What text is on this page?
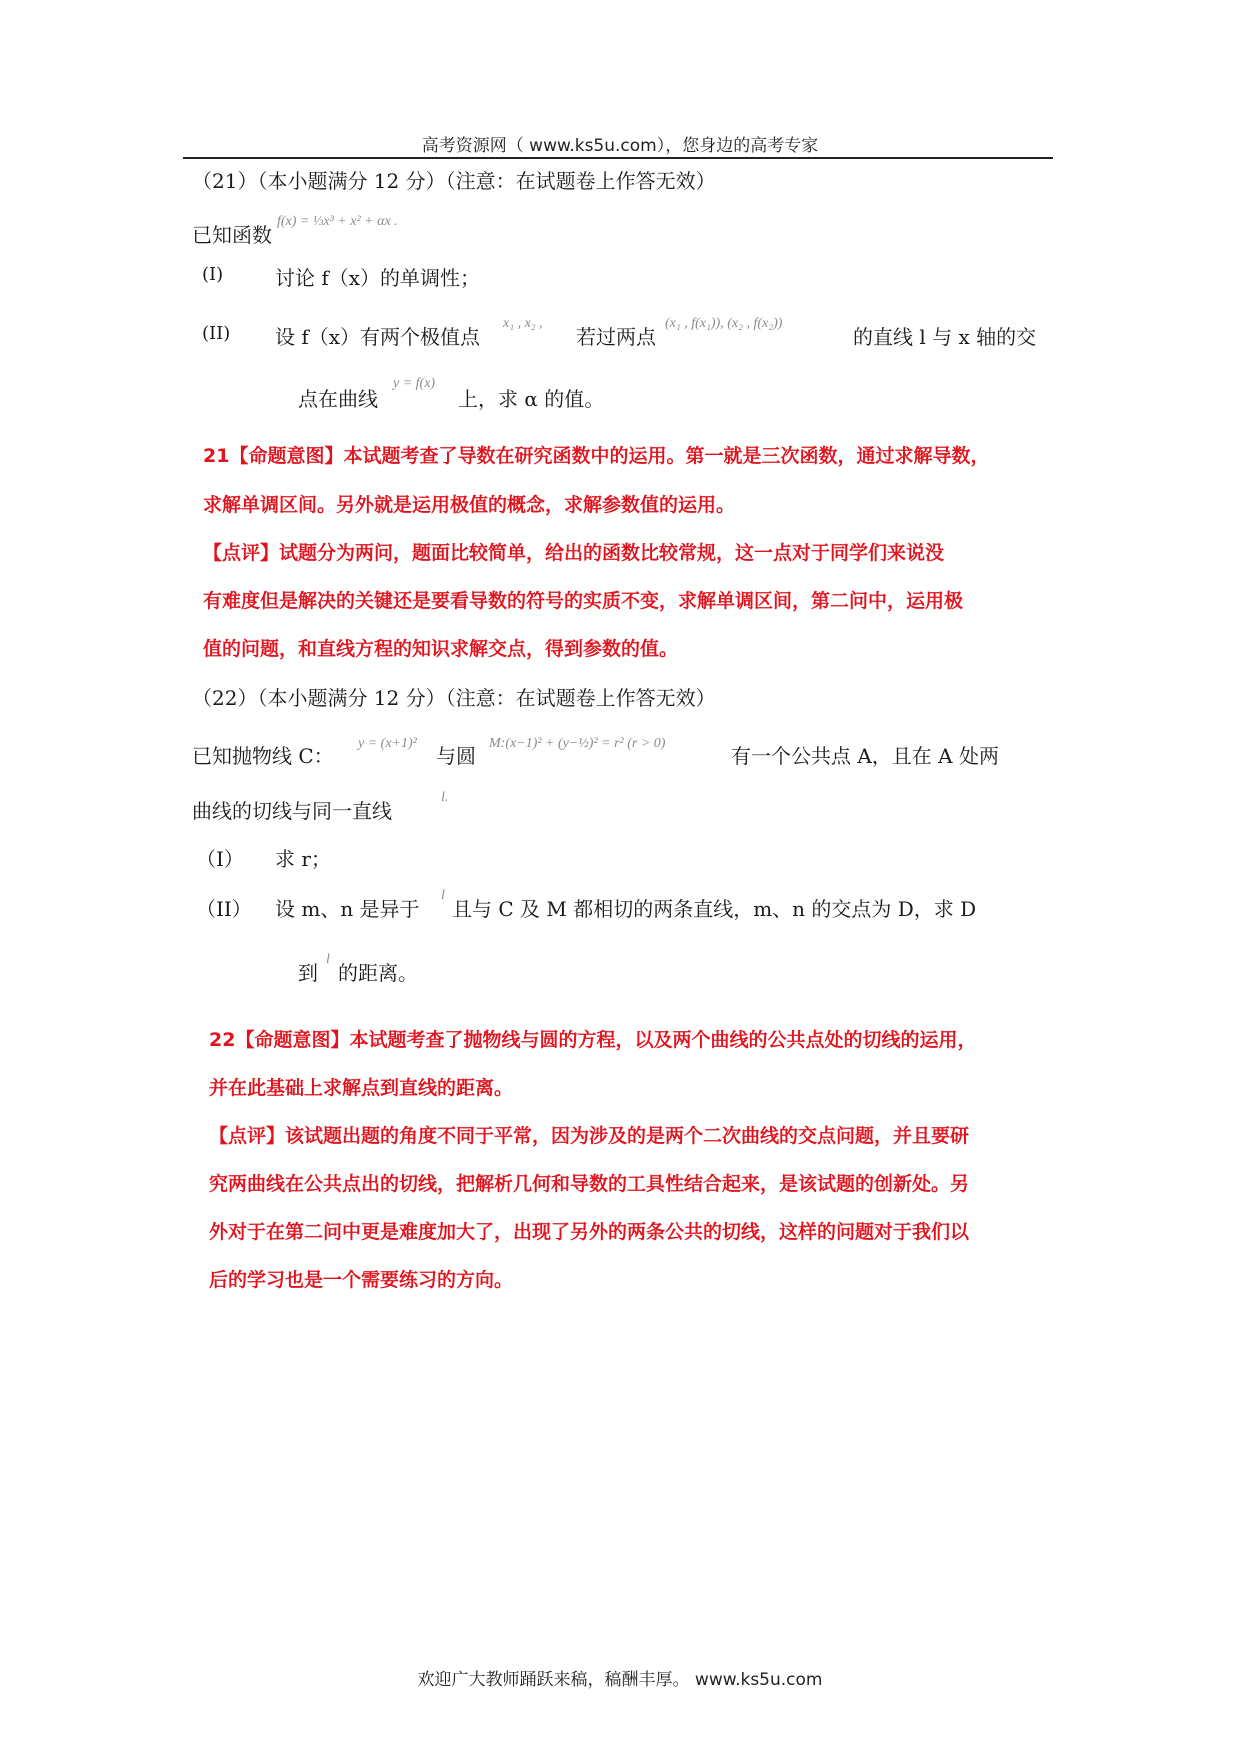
高考资源网（ www.ks5u.com），您身边的高考专家
（21）（本小题满分 12 分）（注意：在试题卷上作答无效）
已知函数
f(x) = ⅓x³ + x² + αx .
(I)	讨论 f（x）的单调性；
(II) 设 f（x）有两个极值点
x₁ , x₂ ,
若过两点
(x₁ , f(x₁)), (x₂ , f(x₂))
的直线 l 与 x 轴的交
点在曲线
y = f(x)
上，求 α 的值。
21【命题意图】本试题考查了导数在研究函数中的运用。第一就是三次函数，通过求解导数，
求解单调区间。另外就是运用极值的概念，求解参数值的运用。
【点评】试题分为两问，题面比较简单，给出的函数比较常规，这一点对于同学们来说没
有难度但是解决的关键还是要看导数的符号的实质不变，求解单调区间，第二问中，运用极
值的问题，和直线方程的知识求解交点，得到参数的值。
（22）（本小题满分 12 分）（注意：在试题卷上作答无效）
已知抛物线 C：
y = (x+1)²
与圆
M:(x−1)² + (y−½)² = r² (r > 0)
有一个公共点 A，且在 A 处两
曲线的切线与同一直线
l.
（I） 求 r；
（II） 设 m、n 是异于
l
且与 C 及 M 都相切的两条直线，m、n 的交点为 D，求 D
到
l
的距离。
22【命题意图】本试题考查了抛物线与圆的方程，以及两个曲线的公共点处的切线的运用，
并在此基础上求解点到直线的距离。
【点评】该试题出题的角度不同于平常，因为涉及的是两个二次曲线的交点问题，并且要研
究两曲线在公共点出的切线，把解析几何和导数的工具性结合起来，是该试题的创新处。另
外对于在第二问中更是难度加大了，出现了另外的两条公共的切线，这样的问题对于我们以
后的学习也是一个需要练习的方向。
欢迎广大教师踊跃来稿，稿酬丰厚。 www.ks5u.com
